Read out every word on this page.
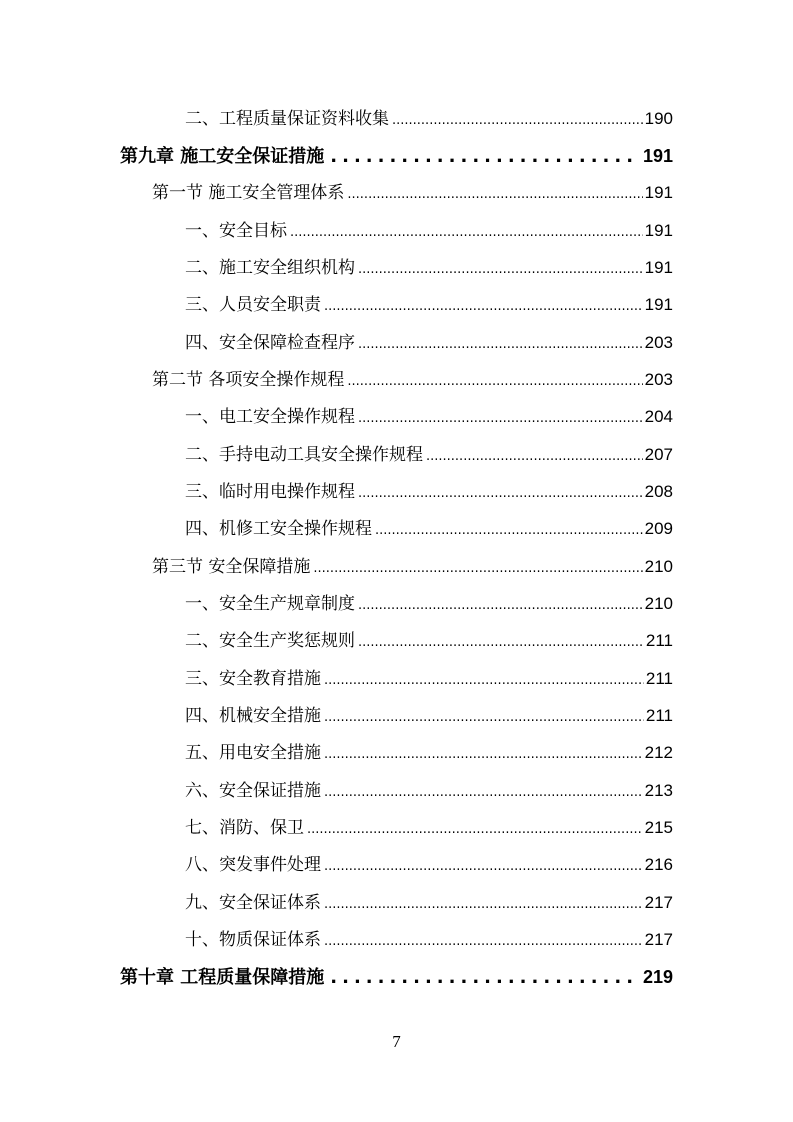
二、工程质量保证资料收集 .....	190
第九章 施工安全保证措施 .....	191
第一节 施工安全管理体系 .....	191
一、安全目标 .....	191
二、施工安全组织机构 .....	191
三、人员安全职责 .....	191
四、安全保障检查程序 .....	203
第二节 各项安全操作规程 .....	203
一、电工安全操作规程 .....	204
二、手持电动工具安全操作规程 .....	207
三、临时用电操作规程 .....	208
四、机修工安全操作规程 .....	209
第三节 安全保障措施 .....	210
一、安全生产规章制度 .....	210
二、安全生产奖惩规则 .....	211
三、安全教育措施 .....	211
四、机械安全措施 .....	211
五、用电安全措施 .....	212
六、安全保证措施 .....	213
七、消防、保卫 .....	215
八、突发事件处理 .....	216
九、安全保证体系 .....	217
十、物质保证体系 .....	217
第十章 工程质量保障措施 .....	219
7
